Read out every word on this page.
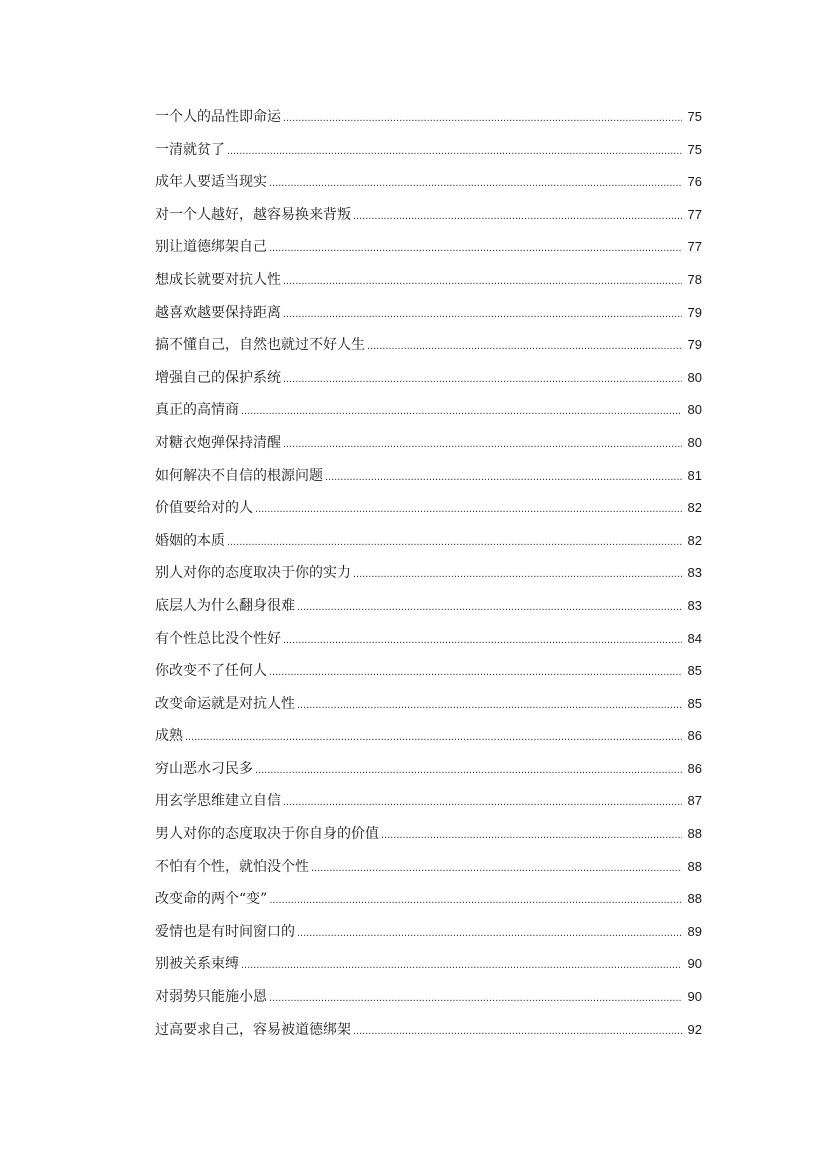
一个人的品性即命运 .....	75
一清就贫了 .....	75
成年人要适当现实 .....	76
对一个人越好，越容易换来背叛 .....	77
别让道德绑架自己 .....	77
想成长就要对抗人性 .....	78
越喜欢越要保持距离 .....	79
搞不懂自己，自然也就过不好人生 .....	79
增强自己的保护系统 .....	80
真正的高情商 .....	80
对糖衣炮弹保持清醒 .....	80
如何解决不自信的根源问题 .....	81
价值要给对的人 .....	82
婚姻的本质 .....	82
别人对你的态度取决于你的实力 .....	83
底层人为什么翻身很难 .....	83
有个性总比没个性好 .....	84
你改变不了任何人 .....	85
改变命运就是对抗人性 .....	85
成熟 .....	86
穷山恶水刁民多 .....	86
用玄学思维建立自信 .....	87
男人对你的态度取决于你自身的价值 .....	88
不怕有个性，就怕没个性 .....	88
改变命的两个“变” .....	88
爱情也是有时间窗口的 .....	89
别被关系束缚 .....	90
对弱势只能施小恩 .....	90
过高要求自己，容易被道德绑架 .....	92
